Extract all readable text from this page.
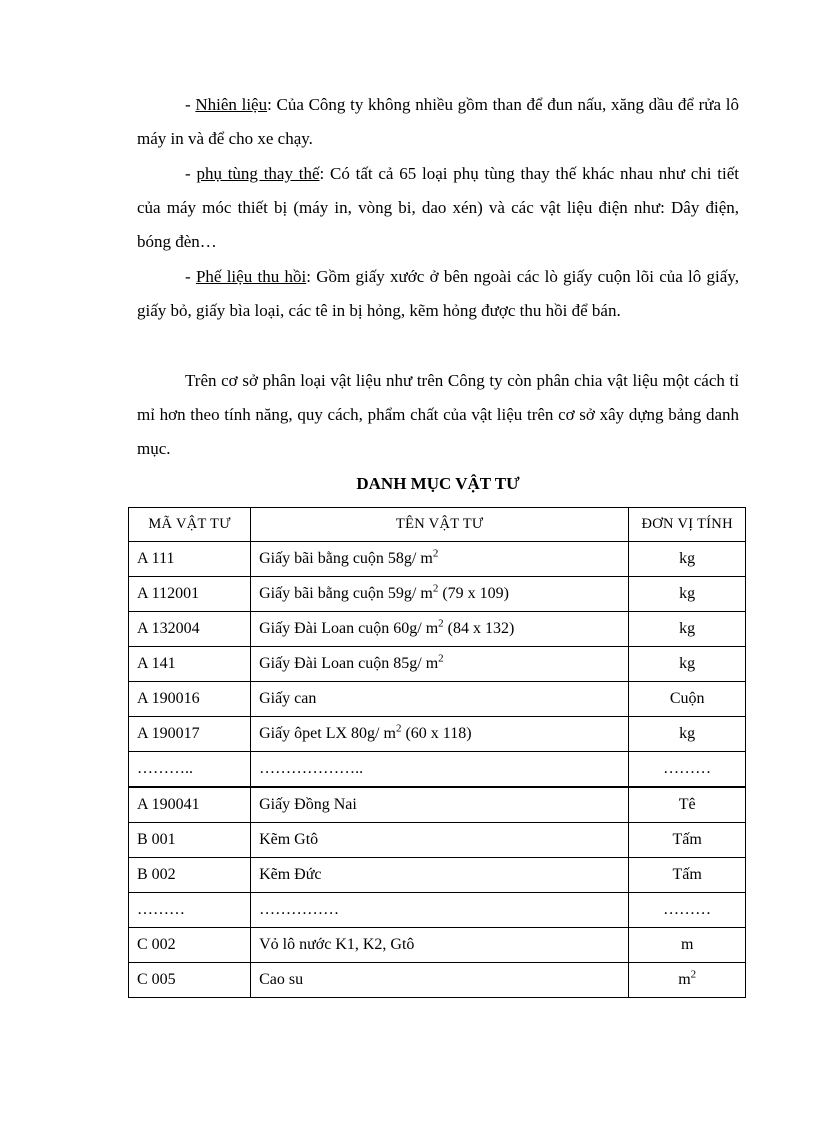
- Nhiên liệu: Của Công ty không nhiều gồm than để đun nấu, xăng dầu để rửa lô máy in và để cho xe chạy.

- phụ tùng thay thế: Có tất cả 65 loại phụ tùng thay thế khác nhau như chi tiết của máy móc thiết bị (máy in, vòng bi, dao xén) và các vật liệu điện như: Dây điện, bóng đèn…

- Phế liệu thu hồi: Gồm giấy xước ở bên ngoài các lò giấy cuộn lõi của lô giấy, giấy bỏ, giấy bìa loại, các tê in bị hỏng, kẽm hỏng được thu hồi để bán.

Trên cơ sở phân loại vật liệu như trên Công ty còn phân chia vật liệu một cách tỉ mỉ hơn theo tính năng, quy cách, phẩm chất của vật liệu trên cơ sở xây dựng bảng danh mục.

DANH MỤC VẬT TƯ
MÃ VẬT TƯ	TÊN VẬT TƯ	ĐƠN VỊ TÍNH
A 111	Giấy bãi bằng cuộn 58g/ $m^2$	kg
A 112001	Giấy bãi bằng cuộn 59g/ $m^2$ (79 x 109)	kg
A 132004	Giấy Đài Loan cuộn 60g/ $m^2$ (84 x 132)	kg
A 141	Giấy Đài Loan cuộn 85g/ $m^2$	kg
A 190016	Giấy can	Cuộn
A 190017	Giấy ôpet LX 80g/ $m^2$ (60 x 118)	kg
………..	………………..	………
A 190041	Giấy Đồng Nai	Tê
B 001	Kẽm Gtô	Tấm
B 002	Kẽm Đức	Tấm
………	……………	………
C 002	Vỏ lô nước K1, K2, Gtô	m
C 005	Cao su	$m^2$
